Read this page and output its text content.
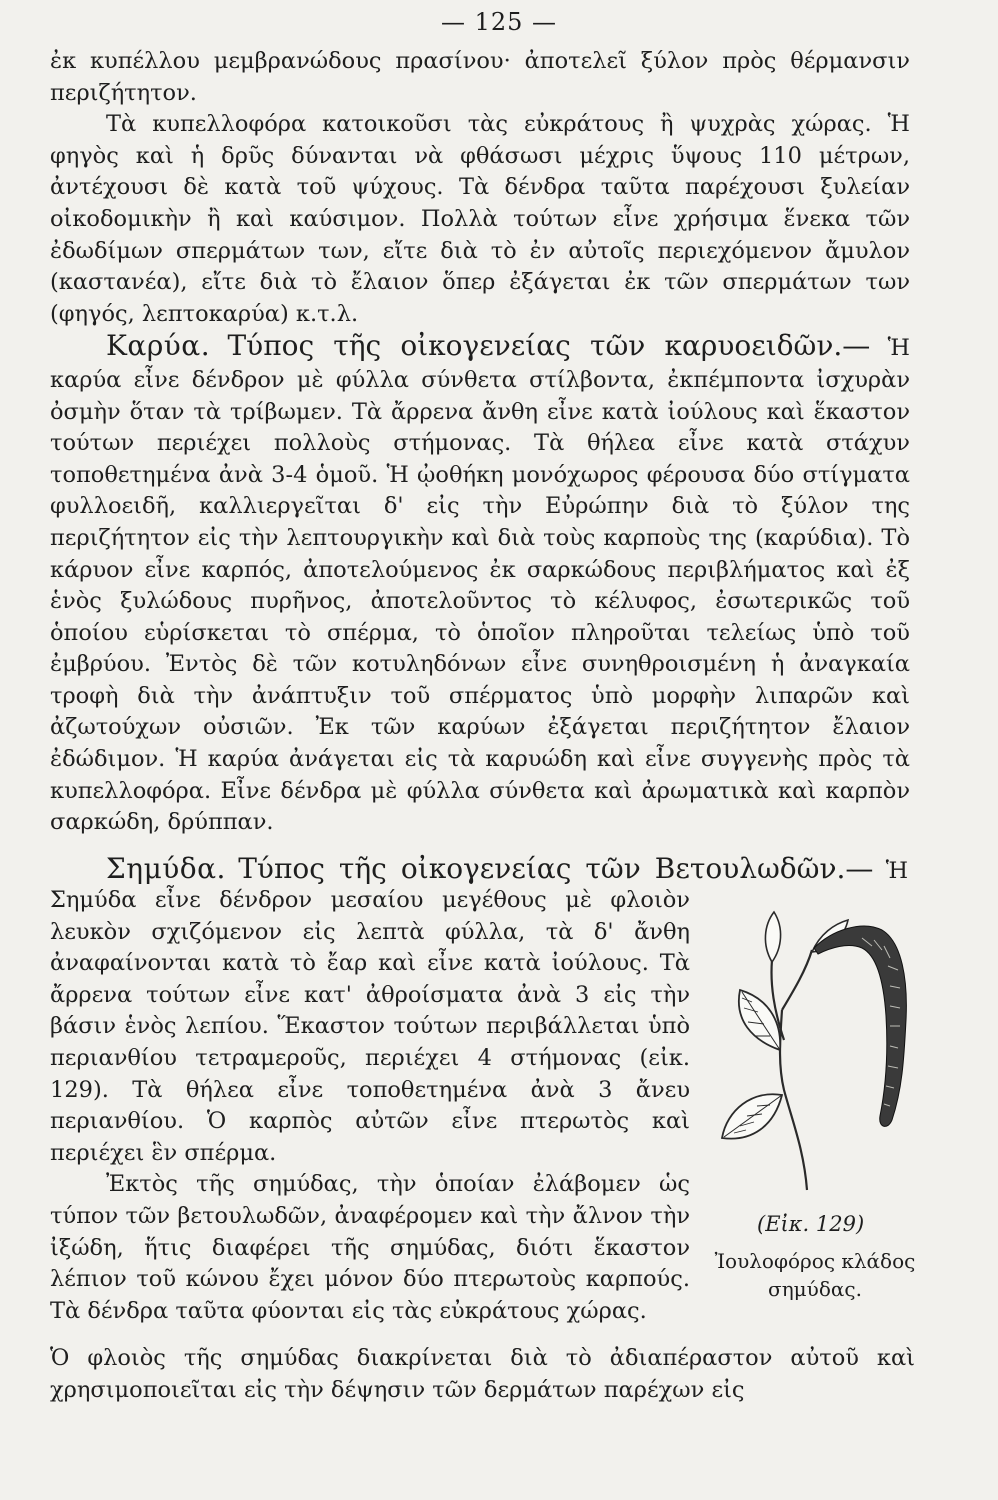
— 125 —

ἐκ κυπέλλου μεμβρανώδους πρασίνου· ἀποτελεῖ ξύλον πρὸς θέρμανσιν περιζήτητον.

Τὰ κυπελλοφόρα κατοικοῦσι τὰς εὐκράτους ἢ ψυχρὰς χώρας. Ἡ φηγὸς καὶ ἡ δρῦς δύνανται νὰ φθάσωσι μέχρις ὕψους 110 μέτρων, ἀντέχουσι δὲ κατὰ τοῦ ψύχους. Τὰ δένδρα ταῦτα παρέχουσι ξυλείαν οἰκοδομικὴν ἢ καὶ καύσιμον. Πολλὰ τούτων εἶνε χρήσιμα ἕνεκα τῶν ἐδωδίμων σπερμάτων των, εἴτε διὰ τὸ ἐν αὐτοῖς περιεχόμενον ἄμυλον (καστανέα), εἴτε διὰ τὸ ἔλαιον ὅπερ ἐξάγεται ἐκ τῶν σπερμάτων των (φηγός, λεπτοκαρύα) κ.τ.λ.

Καρύα. Τύπος τῆς οἰκογενείας τῶν καρυοειδῶν.— Ἡ καρύα εἶνε δένδρον μὲ φύλλα σύνθετα στίλβοντα, ἐκπέμποντα ἰσχυρὰν ὀσμὴν ὅταν τὰ τρίβωμεν. Τὰ ἄρρενα ἄνθη εἶνε κατὰ ἰούλους καὶ ἕκαστον τούτων περιέχει πολλοὺς στήμονας. Τὰ θήλεα εἶνε κατὰ στάχυν τοποθετημένα ἀνὰ 3-4 ὁμοῦ. Ἡ ᾠοθήκη μονόχωρος φέρουσα δύο στίγματα φυλλοειδῆ, καλλιεργεῖται δ' εἰς τὴν Εὐρώπην διὰ τὸ ξύλον της περιζήτητον εἰς τὴν λεπτουργικὴν καὶ διὰ τοὺς καρποὺς της (καρύδια). Τὸ κάρυον εἶνε καρπός, ἀποτελούμενος ἐκ σαρκώδους περιβλήματος καὶ ἐξ ἑνὸς ξυλώδους πυρῆνος, ἀποτελοῦντος τὸ κέλυφος, ἐσωτερικῶς τοῦ ὁποίου εὑρίσκεται τὸ σπέρμα, τὸ ὁποῖον πληροῦται τελείως ὑπὸ τοῦ ἐμβρύου. Ἐντὸς δὲ τῶν κοτυληδόνων εἶνε συνηθροισμένη ἡ ἀναγκαία τροφὴ διὰ τὴν ἀνάπτυξιν τοῦ σπέρματος ὑπὸ μορφὴν λιπαρῶν καὶ ἀζωτούχων οὐσιῶν. Ἐκ τῶν καρύων ἐξάγεται περιζήτητον ἔλαιον ἐδώδιμον. Ἡ καρύα ἀνάγεται εἰς τὰ καρυώδη καὶ εἶνε συγγενὴς πρὸς τὰ κυπελλοφόρα. Εἶνε δένδρα μὲ φύλλα σύνθετα καὶ ἀρωματικὰ καὶ καρπὸν σαρκώδη, δρύππαν.

Σημύδα. Τύπος τῆς οἰκογενείας τῶν Βετουλωδῶν.— Ἡ

Σημύδα εἶνε δένδρον μεσαίου μεγέθους μὲ φλοιὸν λευκὸν σχιζόμενον εἰς λεπτὰ φύλλα, τὰ δ' ἄνθη ἀναφαίνονται κατὰ τὸ ἔαρ καὶ εἶνε κατὰ ἰούλους. Τὰ ἄρρενα τούτων εἶνε κατ' ἀθροίσματα ἀνὰ 3 εἰς τὴν βάσιν ἑνὸς λεπίου. Ἕκαστον τούτων περιβάλλεται ὑπὸ περιανθίου τετραμεροῦς, περιέχει 4 στήμονας (εἰκ. 129). Τὰ θήλεα εἶνε τοποθετημένα ἀνὰ 3 ἄνευ περιανθίου. Ὁ καρπὸς αὐτῶν εἶνε πτερωτὸς καὶ περιέχει ἓν σπέρμα.

Ἐκτὸς τῆς σημύδας, τὴν ὁποίαν ἐλάβομεν ὡς τύπον τῶν βετουλωδῶν, ἀναφέρομεν καὶ τὴν ἄλνον τὴν ἰξώδη, ἥτις διαφέρει τῆς σημύδας, διότι ἕκαστον λέπιον τοῦ κώνου ἔχει μόνον δύο πτερωτοὺς καρπούς. Τὰ δένδρα ταῦτα φύονται εἰς τὰς εὐκράτους χώρας.

Ὁ φλοιὸς τῆς σημύδας διακρίνεται διὰ τὸ ἀδιαπέραστον αὐτοῦ καὶ χρησιμοποιεῖται εἰς τὴν δέψησιν τῶν δερμάτων παρέχων εἰς
(Εἰκ. 129)
Ἰουλοφόρος κλάδος σημύδας.
